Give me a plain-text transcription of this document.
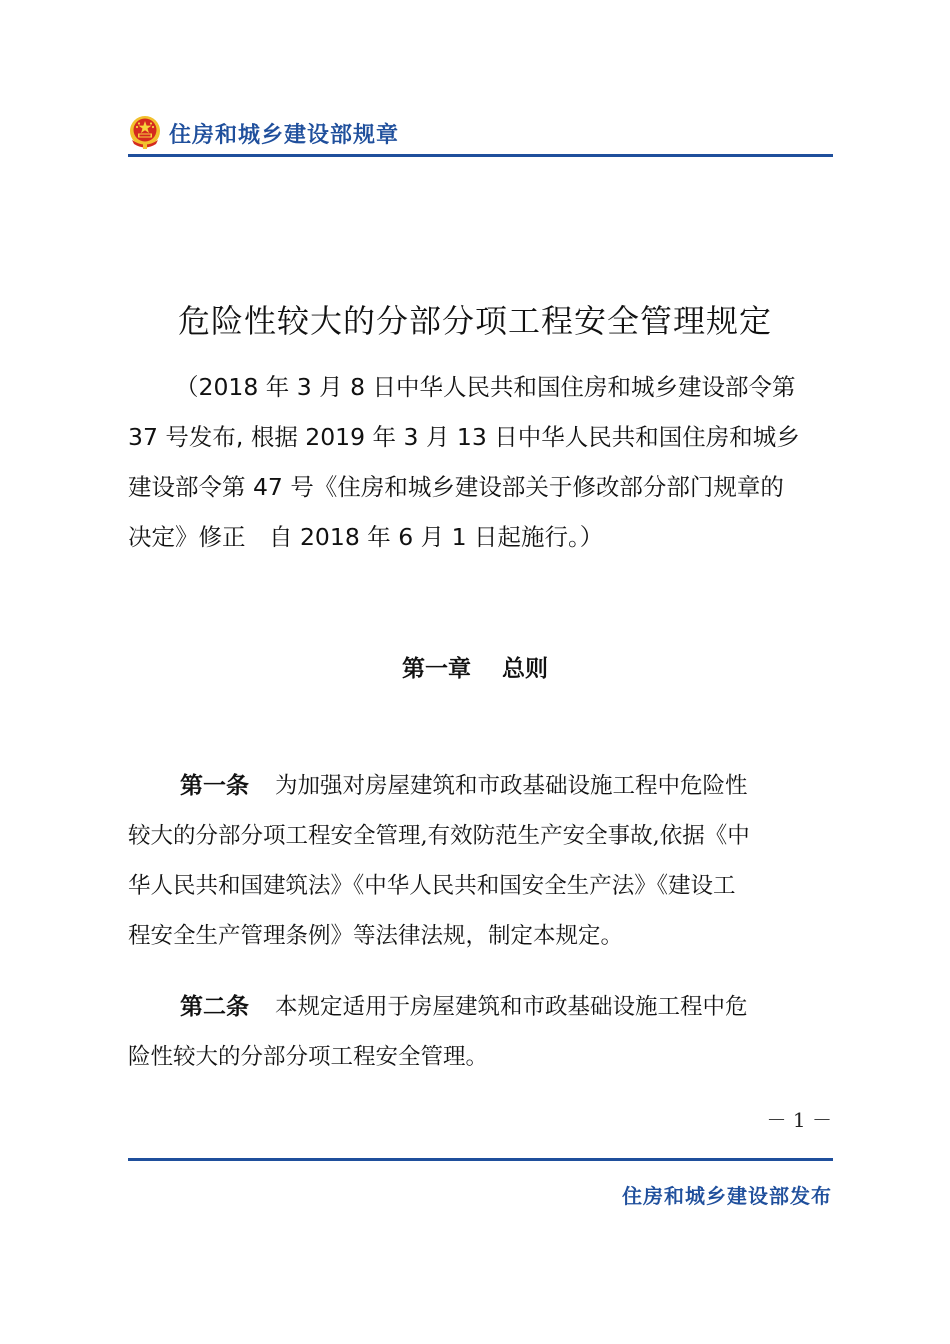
住房和城乡建设部规章
危险性较大的分部分项工程安全管理规定
（2018 年 3 月 8 日中华人民共和国住房和城乡建设部令第
37 号发布, 根据 2019 年 3 月 13 日中华人民共和国住房和城乡
建设部令第 47 号《住房和城乡建设部关于修改部分部门规章的
决定》修正　自 2018 年 6 月 1 日起施行。）
第一章　 总则
第一条 为加强对房屋建筑和市政基础设施工程中危险性
较大的分部分项工程安全管理,有效防范生产安全事故,依据《中
华人民共和国建筑法》《中华人民共和国安全生产法》《建设工
程安全生产管理条例》等法律法规，制定本规定。
第二条 本规定适用于房屋建筑和市政基础设施工程中危
险性较大的分部分项工程安全管理。
－ 1 －
住房和城乡建设部发布
